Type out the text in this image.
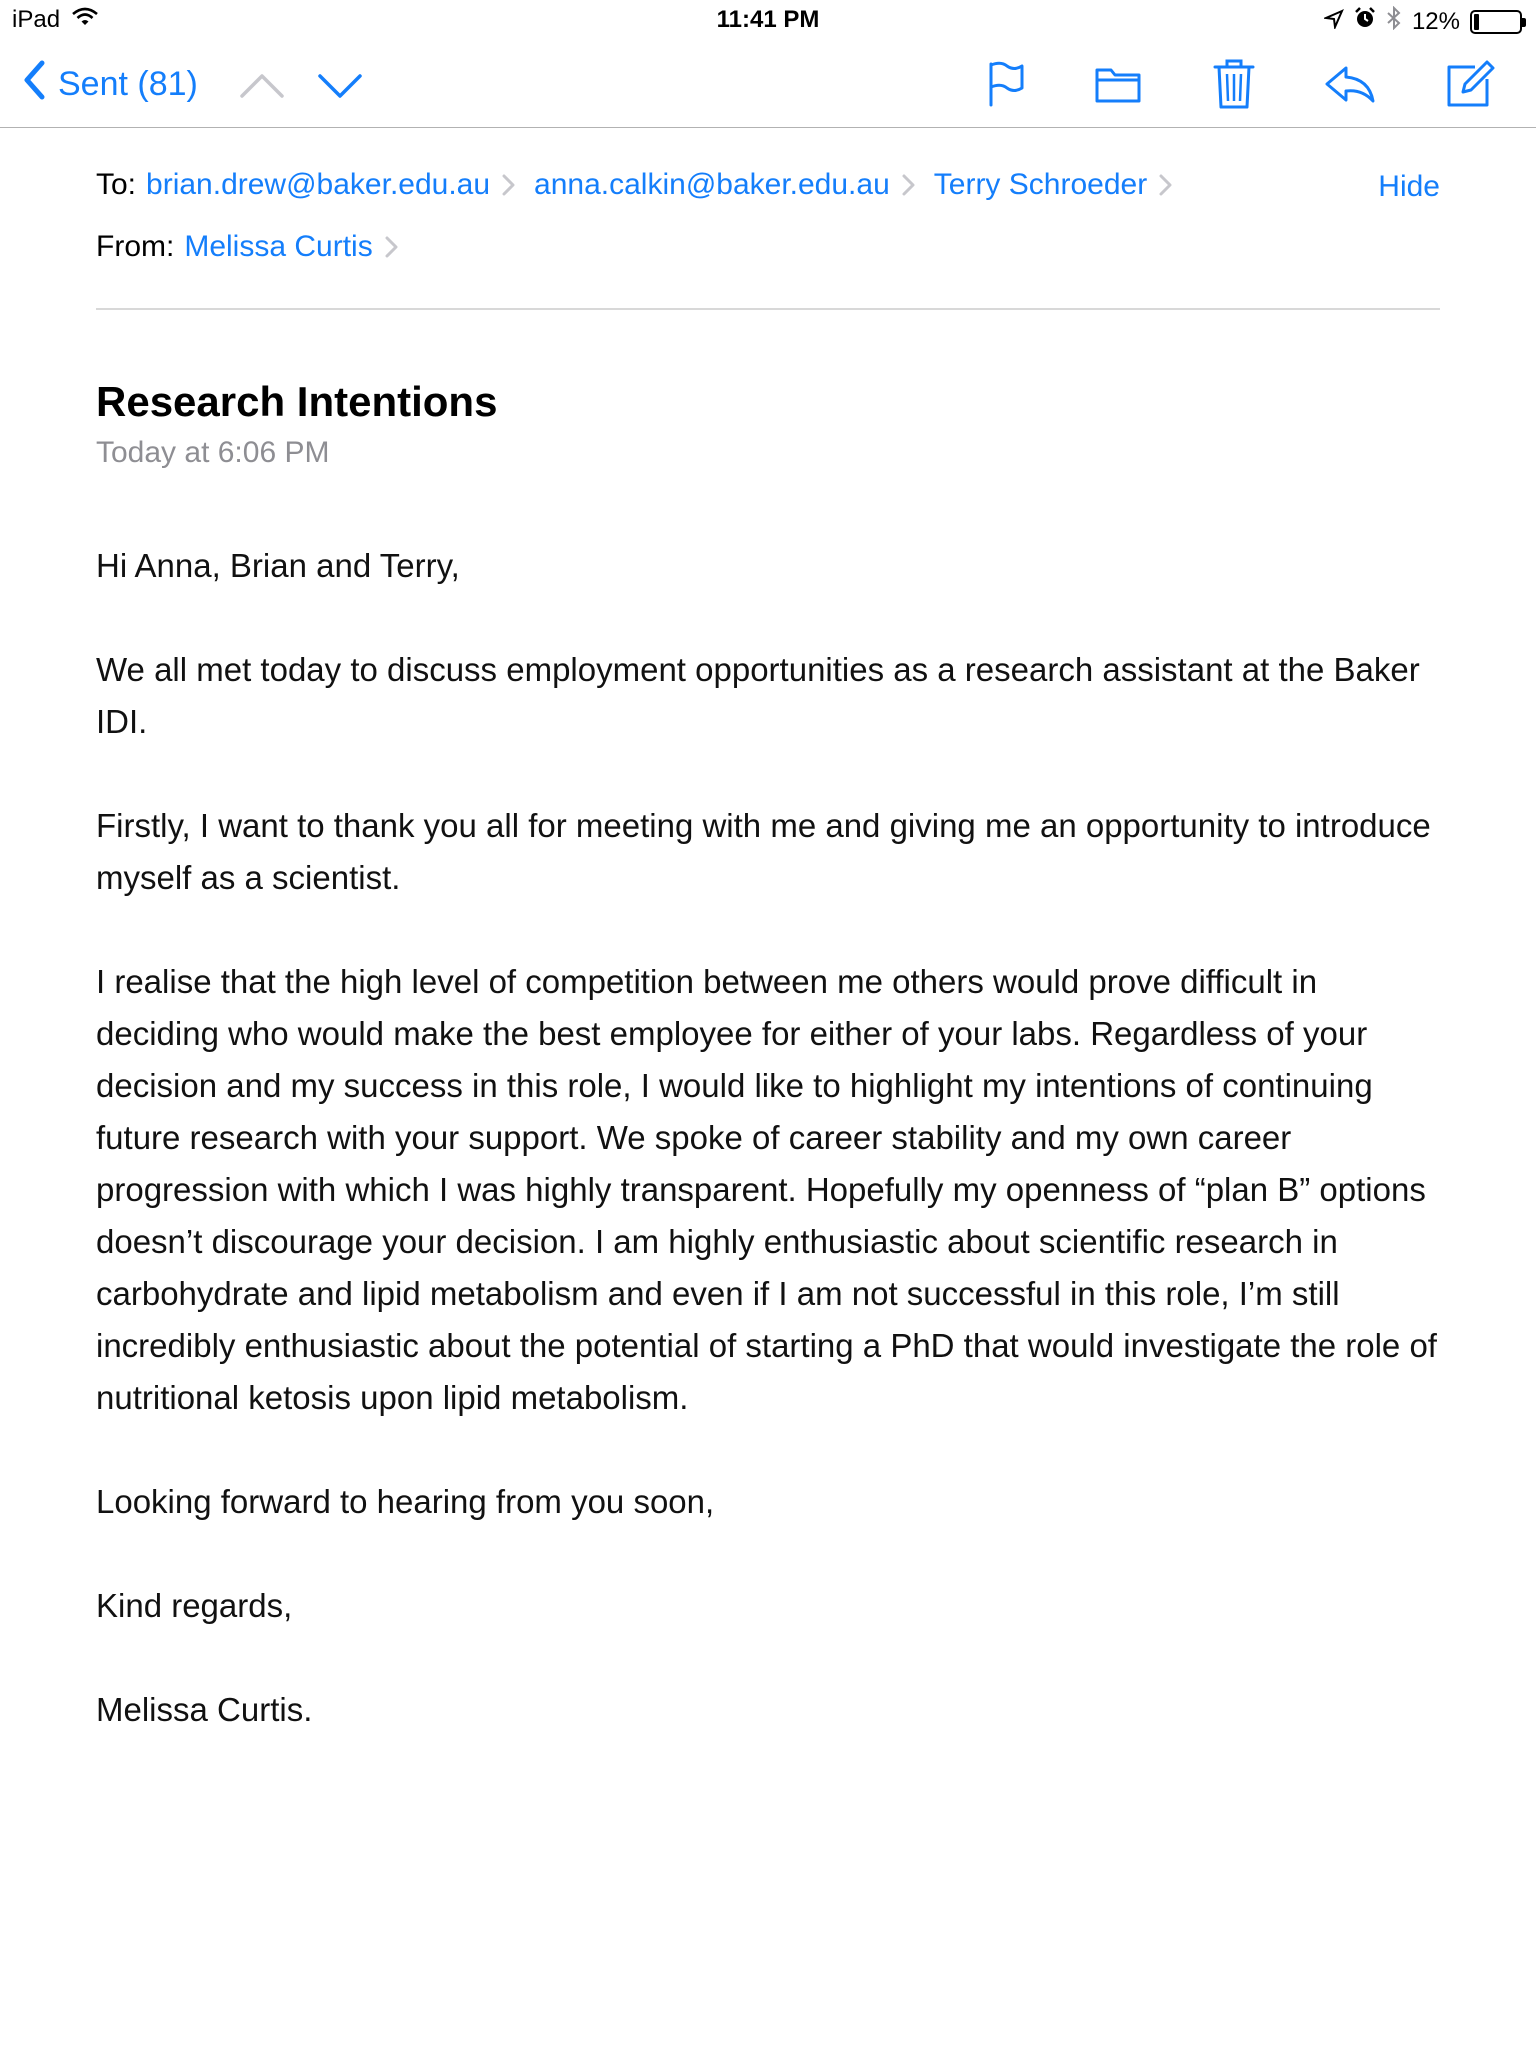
iPad	11:41 PM	12%
Sent (81)
To: brian.drew@baker.edu.au anna.calkin@baker.edu.au Terry Schroeder	Hide
From: Melissa Curtis
Research Intentions
Today at 6:06 PM

Hi Anna, Brian and Terry,

We all met today to discuss employment opportunities as a research assistant at the Baker IDI.

Firstly, I want to thank you all for meeting with me and giving me an opportunity to introduce myself as a scientist.

I realise that the high level of competition between me others would prove difficult in deciding who would make the best employee for either of your labs. Regardless of your decision and my success in this role, I would like to highlight my intentions of continuing future research with your support. We spoke of career stability and my own career progression with which I was highly transparent. Hopefully my openness of “plan B” options doesn’t discourage your decision. I am highly enthusiastic about scientific research in carbohydrate and lipid metabolism and even if I am not successful in this role, I’m still incredibly enthusiastic about the potential of starting a PhD that would investigate the role of nutritional ketosis upon lipid metabolism.

Looking forward to hearing from you soon,

Kind regards,

Melissa Curtis.
